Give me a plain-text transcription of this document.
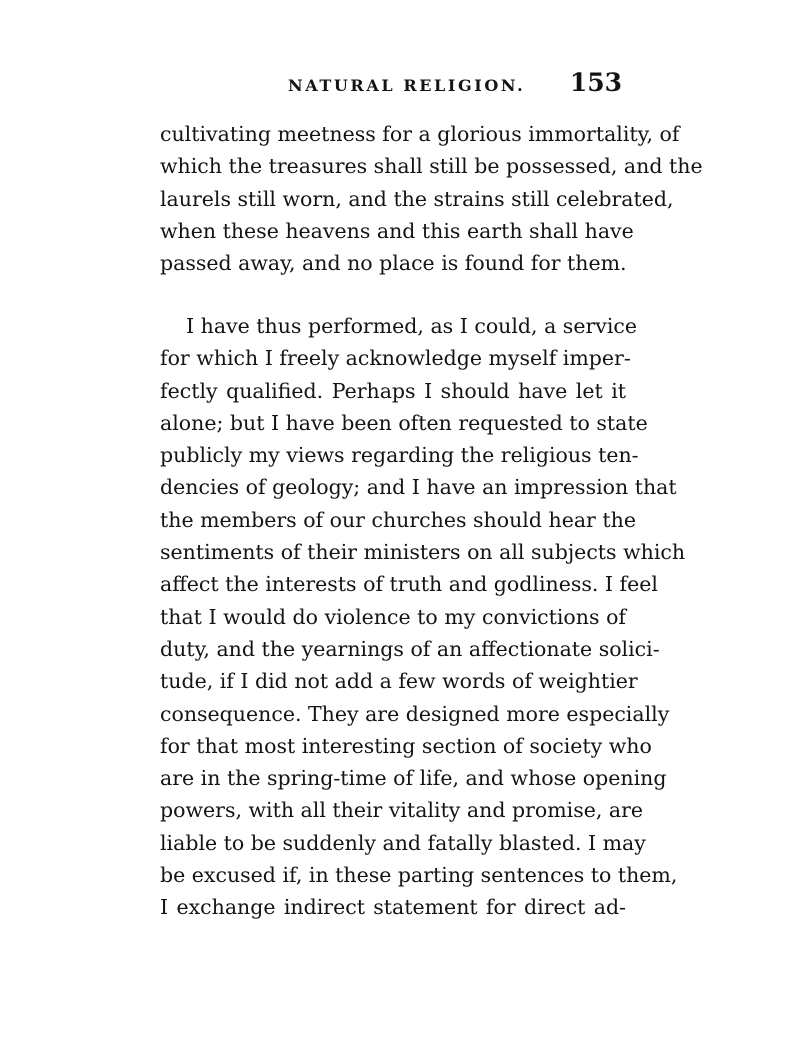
NATURAL RELIGION. 153
cultivating meetness for a glorious immortality, of
which the treasures shall still be possessed, and the
laurels still worn, and the strains still celebrated,
when these heavens and this earth shall have
passed away, and no place is found for them.
I have thus performed, as I could, a service
for which I freely acknowledge myself imper-
fectly qualified. Perhaps I should have let it
alone; but I have been often requested to state
publicly my views regarding the religious ten-
dencies of geology; and I have an impression that
the members of our churches should hear the
sentiments of their ministers on all subjects which
affect the interests of truth and godliness. I feel
that I would do violence to my convictions of
duty, and the yearnings of an affectionate solici-
tude, if I did not add a few words of weightier
consequence. They are designed more especially
for that most interesting section of society who
are in the spring-time of life, and whose opening
powers, with all their vitality and promise, are
liable to be suddenly and fatally blasted. I may
be excused if, in these parting sentences to them,
I exchange indirect statement for direct ad-
